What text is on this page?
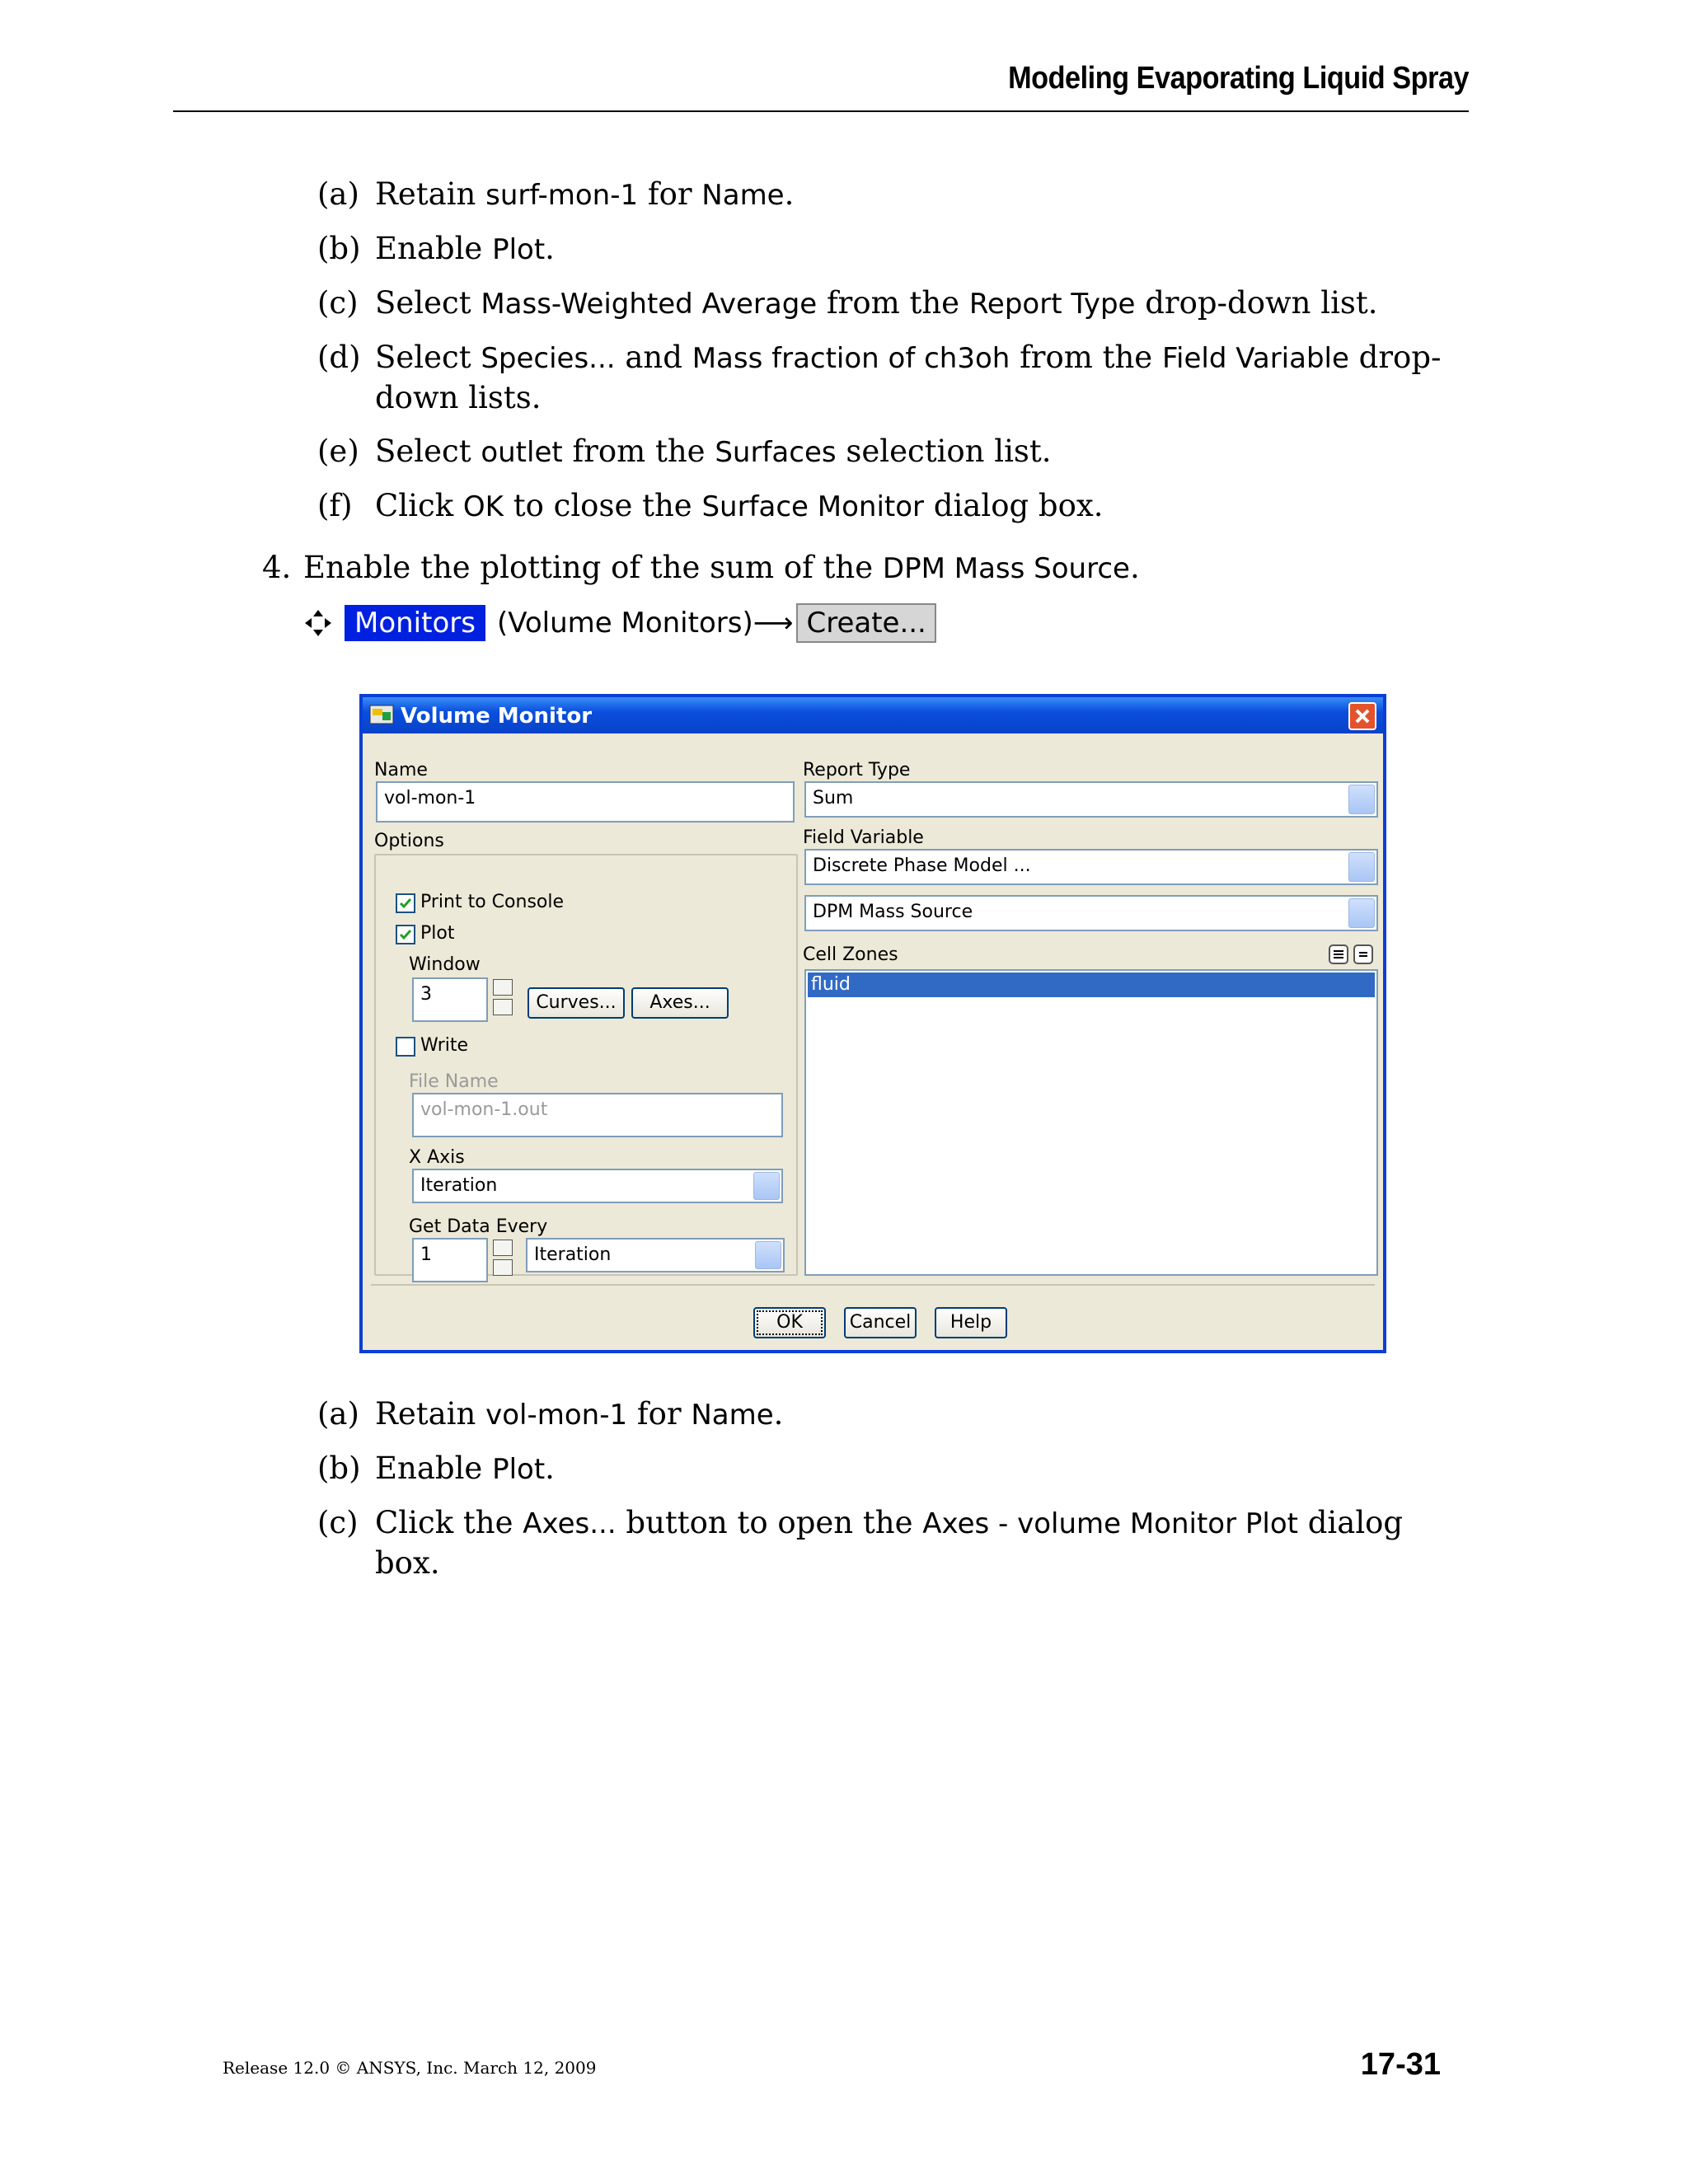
Modeling Evaporating Liquid Spray
(a) Retain surf-mon-1 for Name.
(b) Enable Plot.
(c) Select Mass-Weighted Average from the Report Type drop-down list.
(d) Select Species... and Mass fraction of ch3oh from the Field Variable drop-down lists.
(e) Select outlet from the Surfaces selection list.
(f) Click OK to close the Surface Monitor dialog box.
4. Enable the plotting of the sum of the DPM Mass Source.
Monitors (Volume Monitors) ⟶ Create...
Volume Monitor
Name
vol-mon-1
Options
Print to Console
Plot
Window
3	Curves...	Axes...
Write
File Name
vol-mon-1.out
X Axis
Iteration
Get Data Every
1	Iteration
Report Type
Sum
Field Variable
Discrete Phase Model ...
DPM Mass Source
Cell Zones
fluid
OK	Cancel	Help
(a) Retain vol-mon-1 for Name.
(b) Enable Plot.
(c) Click the Axes... button to open the Axes - volume Monitor Plot dialog box.
Release 12.0 © ANSYS, Inc. March 12, 2009	17-31
